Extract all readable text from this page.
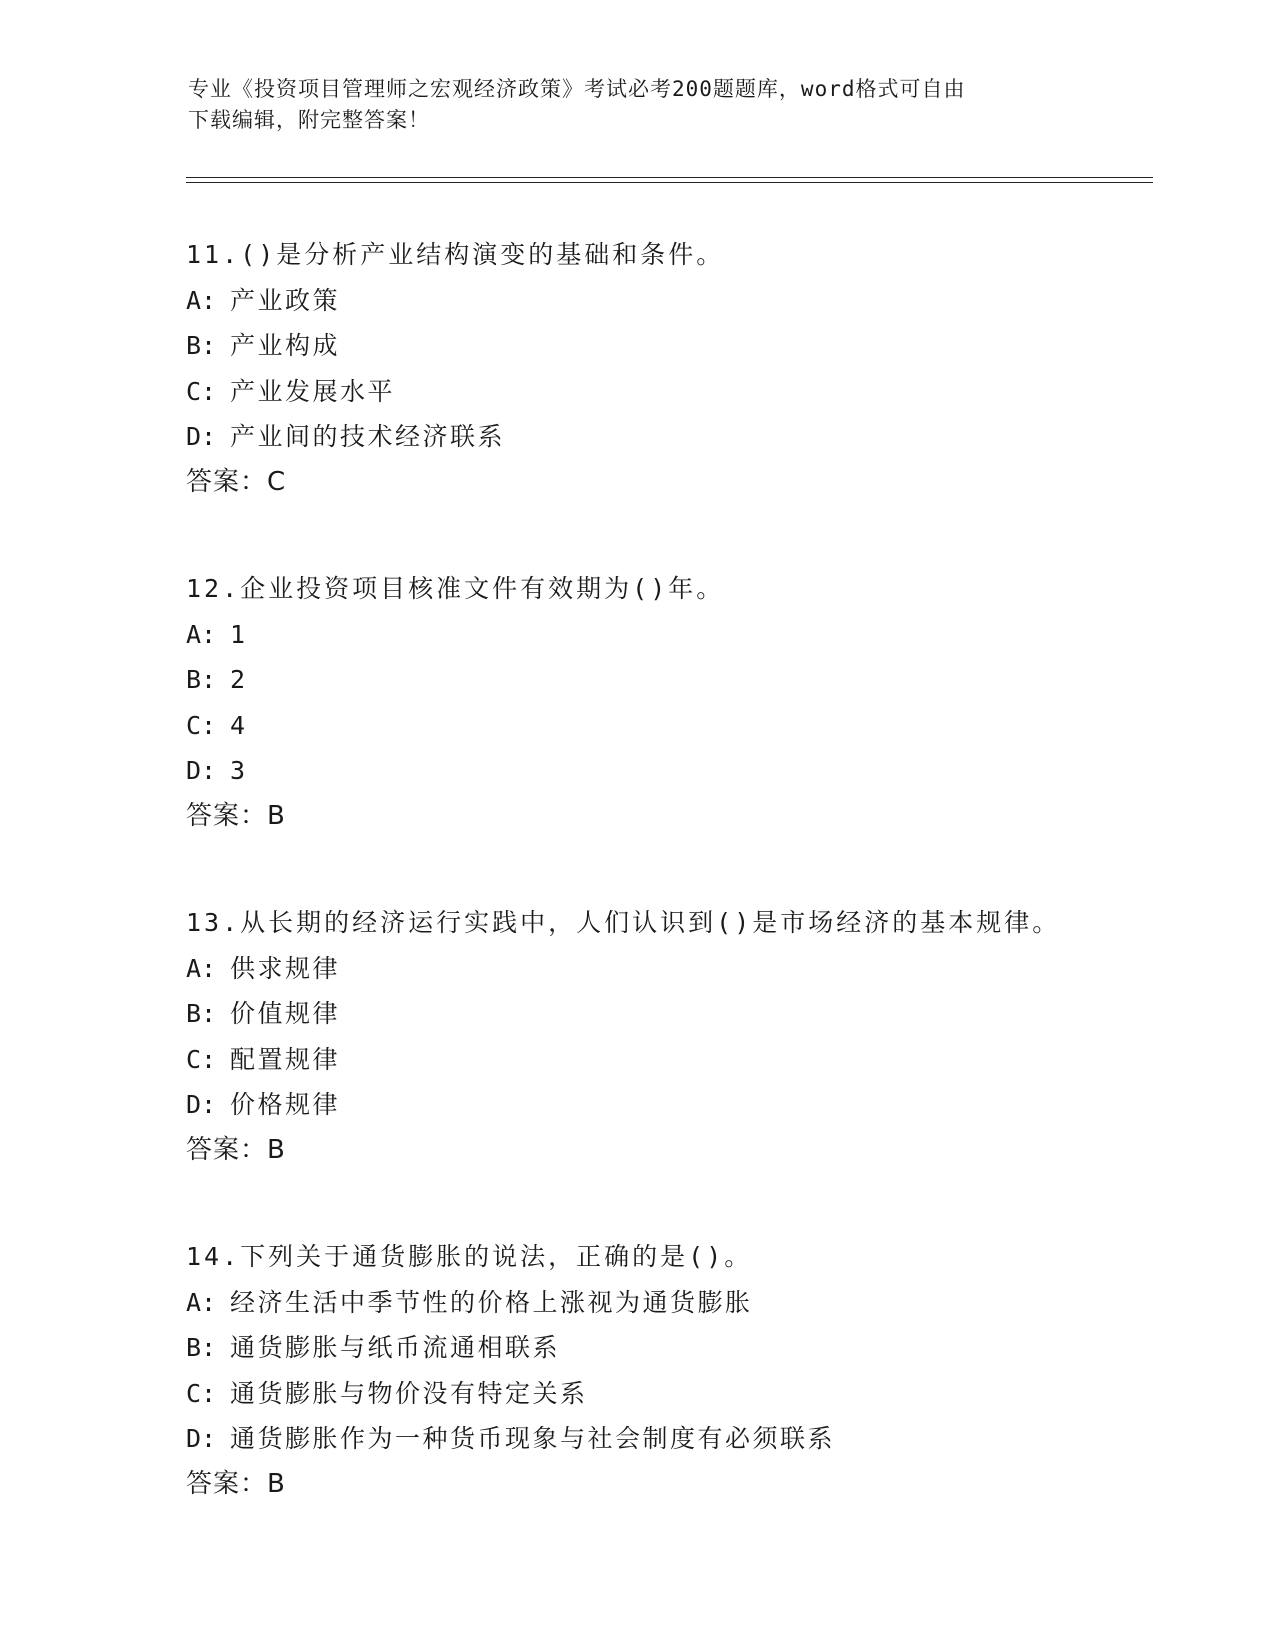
专业《投资项目管理师之宏观经济政策》考试必考200题题库，word格式可自由
下载编辑，附完整答案！
11.()是分析产业结构演变的基础和条件。
A: 产业政策
B: 产业构成
C: 产业发展水平
D: 产业间的技术经济联系
答案：C
12.企业投资项目核准文件有效期为()年。
A: 1
B: 2
C: 4
D: 3
答案：B
13.从长期的经济运行实践中，人们认识到()是市场经济的基本规律。
A: 供求规律
B: 价值规律
C: 配置规律
D: 价格规律
答案：B
14.下列关于通货膨胀的说法，正确的是()。
A: 经济生活中季节性的价格上涨视为通货膨胀
B: 通货膨胀与纸币流通相联系
C: 通货膨胀与物价没有特定关系
D: 通货膨胀作为一种货币现象与社会制度有必须联系
答案：B
